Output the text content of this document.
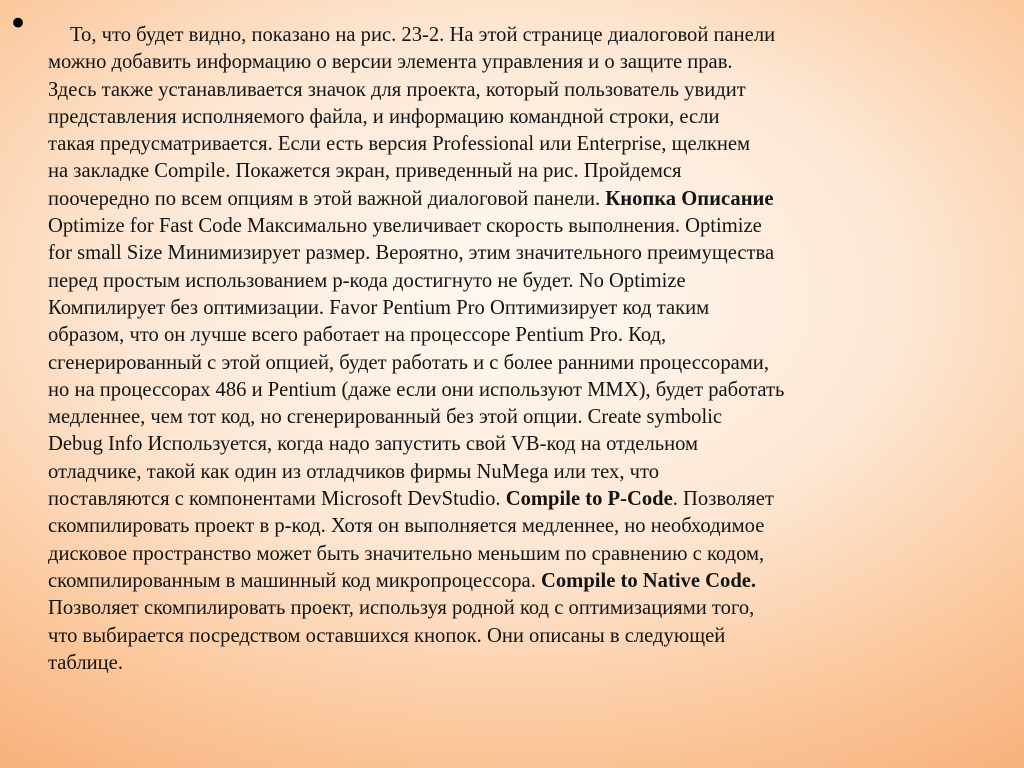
•	То, что будет видно, показано на рис. 23-2. На этой странице диалоговой панели
можно добавить информацию о версии элемента управления и о защите прав.
Здесь также устанавливается значок для проекта, который пользователь увидит
представления исполняемого файла, и информацию командной строки, если
такая предусматривается. Если есть версия Professional или Enterprise, щелкнем
на закладке Compile. Покажется экран, приведенный на рис. Пройдемся
поочередно по всем опциям в этой важной диалоговой панели. Кнопка Описание
Optimize for Fast Code Максимально увеличивает скорость выполнения. Optimize
for small Size Минимизирует размер. Вероятно, этим значительного преимущества
перед простым использованием р-кода достигнуто не будет. No Optimize
Компилирует без оптимизации. Favor Pentium Pro Оптимизирует код таким
образом, что он лучше всего работает на процессоре Pentium Pro. Код,
сгенерированный с этой опцией, будет работать и с более ранними процессорами,
но на процессорах 486 и Pentium (даже если они используют MMX), будет работать
медленнее, чем тот код, но сгенерированный без этой опции. Create symbolic
Debug Info Используется, когда надо запустить свой VB-код на отдельном
отладчике, такой как один из отладчиков фирмы NuMega или тех, что
поставляются с компонентами Microsoft DevStudio. Compile to P-Code. Позволяет
скомпилировать проект в р-код. Хотя он выполняется медленнее, но необходимое
дисковое пространство может быть значительно меньшим по сравнению с кодом,
скомпилированным в машинный код микропроцессора. Compile to Native Code.
Позволяет скомпилировать проект, используя родной код с оптимизациями того,
что выбирается посредством оставшихся кнопок. Они описаны в следующей
таблице.
